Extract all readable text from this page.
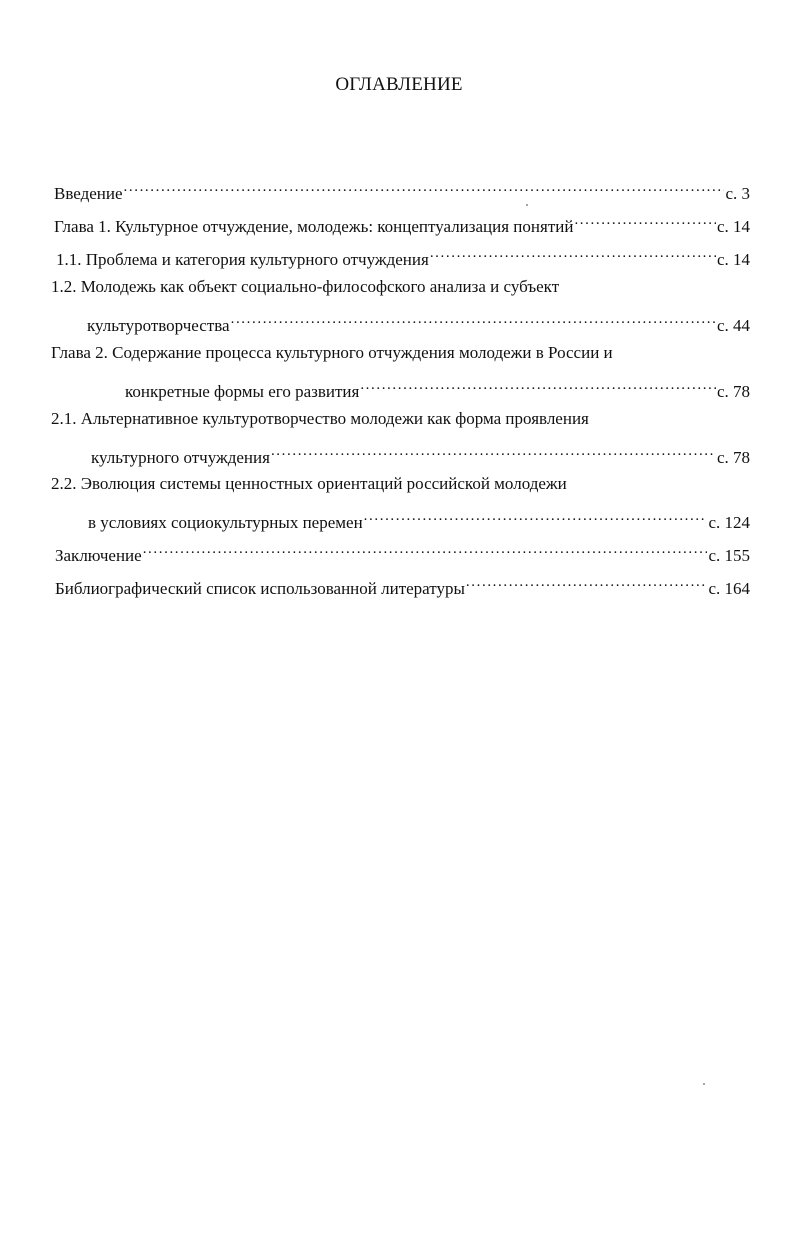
ОГЛАВЛЕНИЕ
Введение .....	с. 3
Глава 1. Культурное отчуждение, молодежь: концептуализация понятий .....	с. 14
1.1. Проблема и категория культурного отчуждения .....	с. 14
1.2. Молодежь как объект социально-философского анализа и субъект
культуротворчества .....	с. 44
Глава 2. Содержание процесса культурного отчуждения молодежи в России и
конкретные формы его развития .....	с. 78
2.1. Альтернативное культуротворчество молодежи как форма проявления
культурного отчуждения .....	с. 78
2.2. Эволюция системы ценностных ориентаций российской молодежи
в условиях социокультурных перемен .....	с. 124
Заключение .....	с. 155
Библиографический список использованной литературы .....	с. 164
